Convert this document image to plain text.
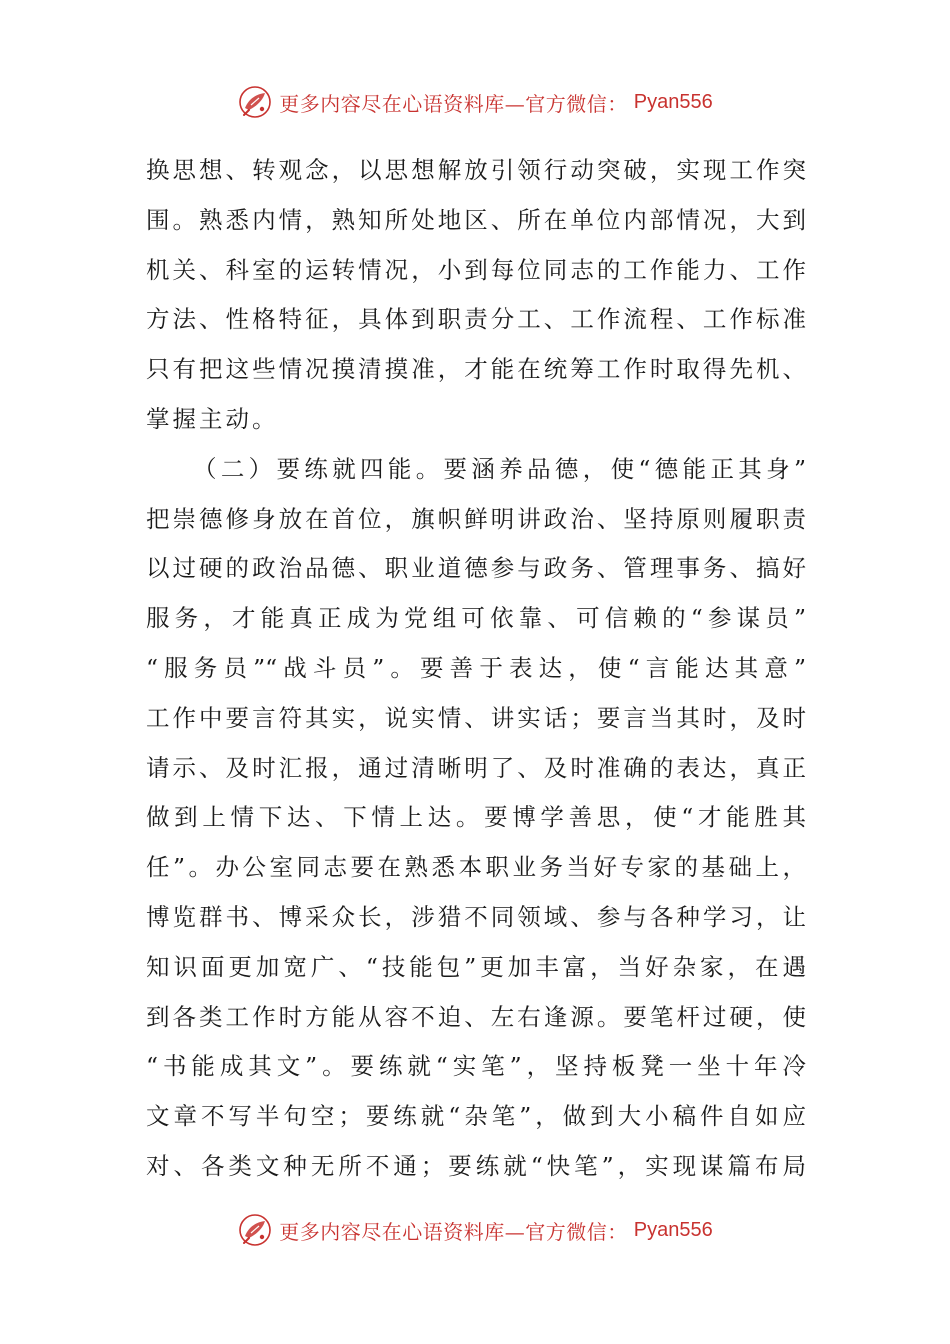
更多内容尽在心语资料库—官方微信： Pyan556
换思想、转观念，以思想解放引领行动突破，实现工作突
围。熟悉内情，熟知所处地区、所在单位内部情况，大到
机关、科室的运转情况，小到每位同志的工作能力、工作
方法、性格特征，具体到职责分工、工作流程、工作标准
只有把这些情况摸清摸准，才能在统筹工作时取得先机、
掌握主动。
（二）要练就四能。要涵养品德，使“德能正其身”
把崇德修身放在首位，旗帜鲜明讲政治、坚持原则履职责
以过硬的政治品德、职业道德参与政务、管理事务、搞好
服务，才能真正成为党组可依靠、可信赖的“参谋员”
“服务员”“战斗员”。要善于表达，使“言能达其意”
工作中要言符其实，说实情、讲实话；要言当其时，及时
请示、及时汇报，通过清晰明了、及时准确的表达，真正
做到上情下达、下情上达。要博学善思，使“才能胜其
任”。办公室同志要在熟悉本职业务当好专家的基础上，
博览群书、博采众长，涉猎不同领域、参与各种学习，让
知识面更加宽广、“技能包”更加丰富，当好杂家，在遇
到各类工作时方能从容不迫、左右逢源。要笔杆过硬，使
“书能成其文”。要练就“实笔”，坚持板凳一坐十年冷
文章不写半句空；要练就“杂笔”，做到大小稿件自如应
对、各类文种无所不通；要练就“快笔”，实现谋篇布局
更多内容尽在心语资料库—官方微信： Pyan556
